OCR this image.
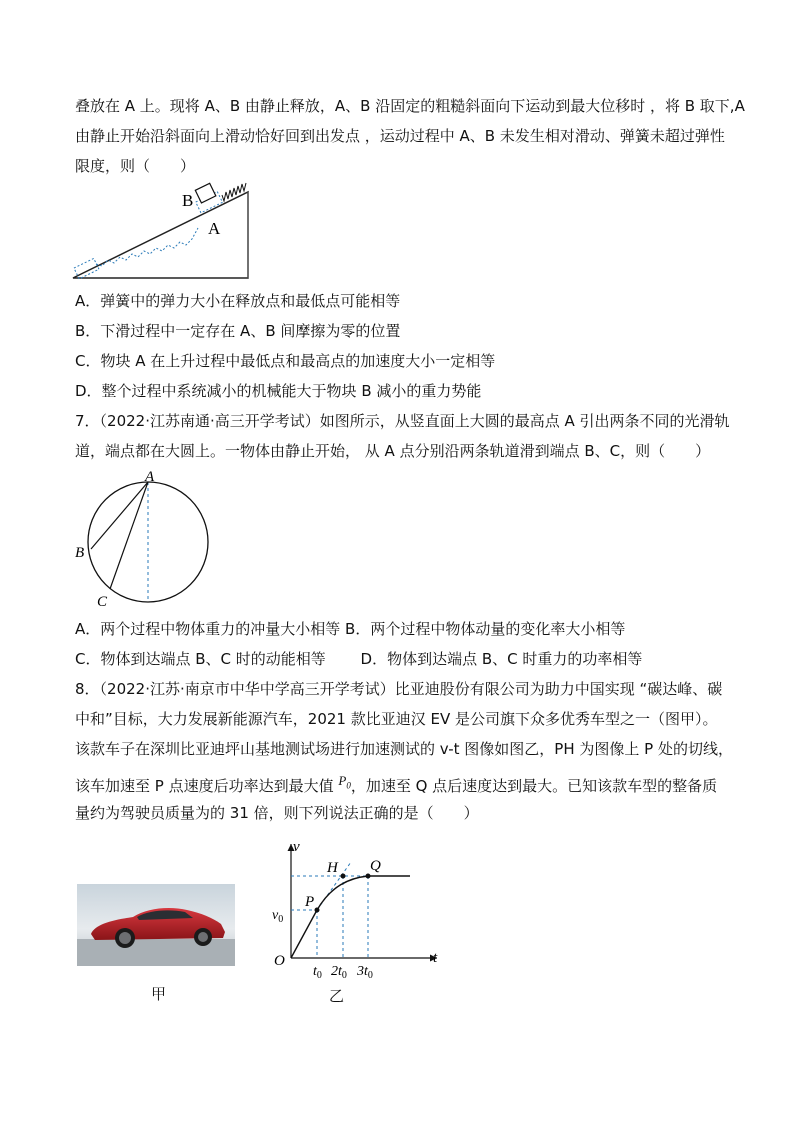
叠放在 A 上。现将 A、B 由静止释放，A、B 沿固定的粗糙斜面向下运动到最大位移时 ，将 B 取下,A
由静止开始沿斜面向上滑动恰好回到出发点 ，运动过程中 A、B 未发生相对滑动、弹簧未超过弹性
限度，则（　　）
B
A
A．弹簧中的弹力大小在释放点和最低点可能相等
B．下滑过程中一定存在 A、B 间摩擦为零的位置
C．物块 A 在上升过程中最低点和最高点的加速度大小一定相等
D．整个过程中系统减小的机械能大于物块 B 减小的重力势能
7．（2022·江苏南通·高三开学考试）如图所示，从竖直面上大圆的最高点 A 引出两条不同的光滑轨
道，端点都在大圆上。一物体由静止开始， 从 A 点分别沿两条轨道滑到端点 B、C，则（　　）
A
B
C
A．两个过程中物体重力的冲量大小相等 B．两个过程中物体动量的变化率大小相等
C．物体到达端点 B、C 时的动能相等　　 D．物体到达端点 B、C 时重力的功率相等
8．（2022·江苏·南京市中华中学高三开学考试）比亚迪股份有限公司为助力中国实现 “碳达峰、碳
中和”目标，大力发展新能源汽车，2021 款比亚迪汉 EV 是公司旗下众多优秀车型之一（图甲）。
该款车子在深圳比亚迪坪山基地测试场进行加速测试的 v-t 图像如图乙，PH 为图像上 P 处的切线，
该车加速至 P 点速度后功率达到最大值 $P_0$，加速至 Q 点后速度达到最大。已知该款车型的整备质
量约为驾驶员质量为的 31 倍，则下列说法正确的是（　　）
甲
v
t
O
$v_0$
P
H Q
$t_0$ $2t_0$ $3t_0$
乙
